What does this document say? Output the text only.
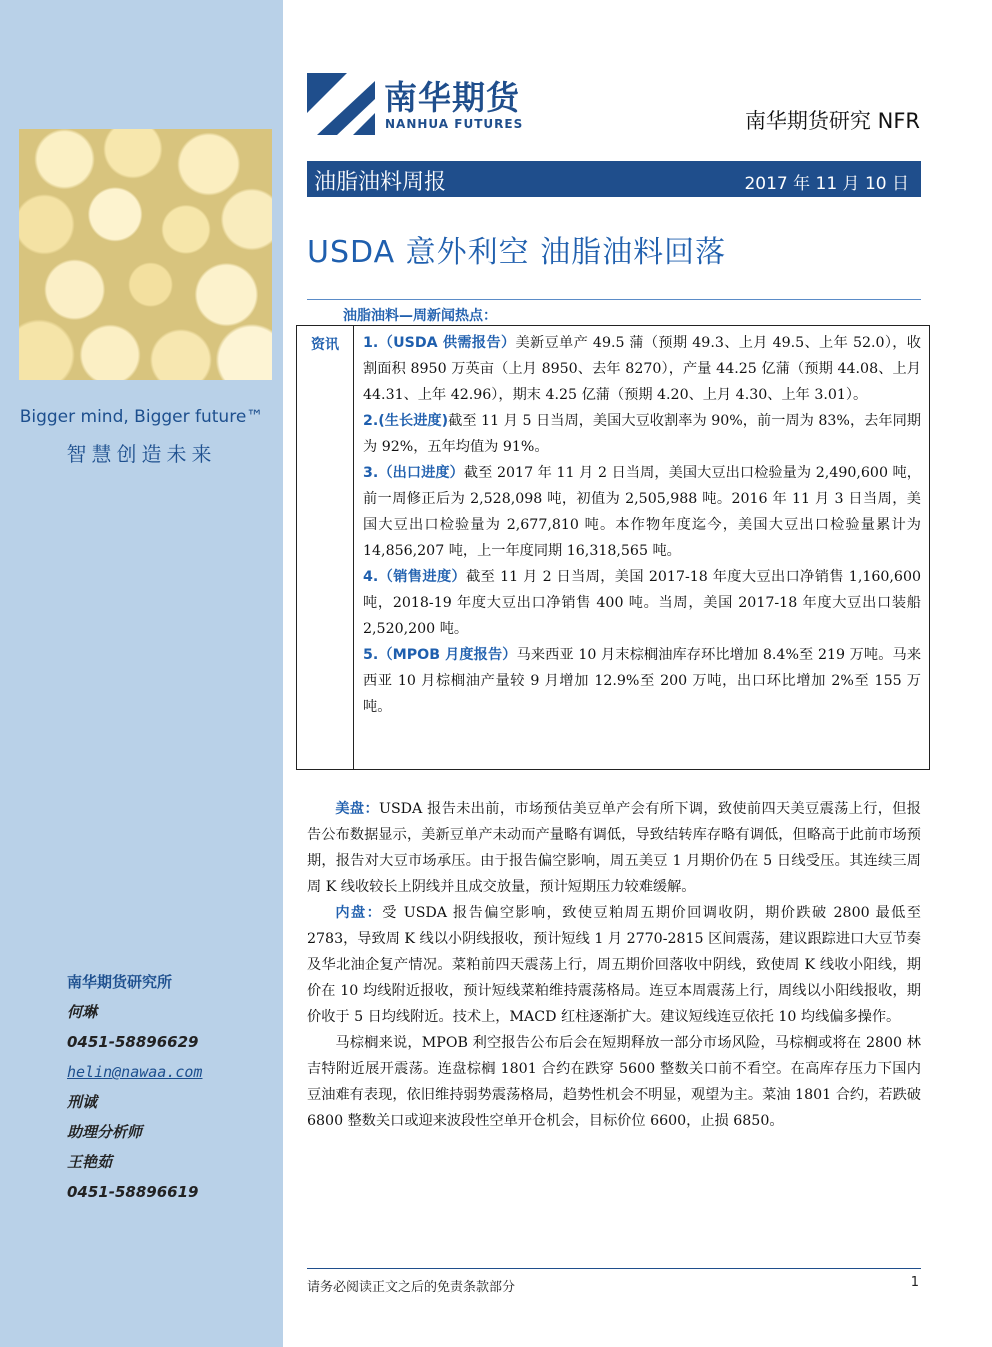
Bigger mind, Bigger future™
智慧创造未来
南华期货研究所
何琳
0451-58896629
helin@nawaa.com
刑诚
助理分析师
王艳茹
0451-58896619
南华期货
NANHUA FUTURES	南华期货研究 NFR
油脂油料周报	2017 年 11 月 10 日
USDA 意外利空 油脂油料回落
油脂油料—周新闻热点：
资讯	1.（USDA 供需报告）美新豆单产 49.5 蒲（预期 49.3、上月 49.5、上年 52.0），收割面积 8950 万英亩（上月 8950、去年 8270），产量 44.25 亿蒲（预期 44.08、上月 44.31、上年 42.96），期末 4.25 亿蒲（预期 4.20、上月 4.30、上年 3.01）。
2.(生长进度)截至 11 月 5 日当周，美国大豆收割率为 90%，前一周为 83%，去年同期为 92%，五年均值为 91%。
3.（出口进度）截至 2017 年 11 月 2 日当周，美国大豆出口检验量为 2,490,600 吨，前一周修正后为 2,528,098 吨，初值为 2,505,988 吨。2016 年 11 月 3 日当周，美国大豆出口检验量为 2,677,810 吨。本作物年度迄今，美国大豆出口检验量累计为 14,856,207 吨，上一年度同期 16,318,565 吨。
4.（销售进度）截至 11 月 2 日当周，美国 2017-18 年度大豆出口净销售 1,160,600 吨，2018-19 年度大豆出口净销售 400 吨。当周，美国 2017-18 年度大豆出口装船 2,520,200 吨。
5.（MPOB 月度报告）马来西亚 10 月末棕榈油库存环比增加 8.4%至 219 万吨。马来西亚 10 月棕榈油产量较 9 月增加 12.9%至 200 万吨，出口环比增加 2%至 155 万吨。

美盘：USDA 报告未出前，市场预估美豆单产会有所下调，致使前四天美豆震荡上行，但报告公布数据显示，美新豆单产未动而产量略有调低，导致结转库存略有调低，但略高于此前市场预期，报告对大豆市场承压。由于报告偏空影响，周五美豆 1 月期价仍在 5 日线受压。其连续三周周 K 线收较长上阴线并且成交放量，预计短期压力较难缓解。

内盘：受 USDA 报告偏空影响，致使豆粕周五期价回调收阴，期价跌破 2800 最低至 2783，导致周 K 线以小阴线报收，预计短线 1 月 2770-2815 区间震荡，建议跟踪进口大豆节奏及华北油企复产情况。菜粕前四天震荡上行，周五期价回落收中阴线，致使周 K 线收小阳线，期价在 10 均线附近报收，预计短线菜粕维持震荡格局。连豆本周震荡上行，周线以小阳线报收，期价收于 5 日均线附近。技术上，MACD 红柱逐渐扩大。建议短线连豆依托 10 均线偏多操作。

马棕榈来说，MPOB 利空报告公布后会在短期释放一部分市场风险，马棕榈或将在 2800 林吉特附近展开震荡。连盘棕榈 1801 合约在跌穿 5600 整数关口前不看空。在高库存压力下国内豆油难有表现，依旧维持弱势震荡格局，趋势性机会不明显，观望为主。菜油 1801 合约，若跌破 6800 整数关口或迎来波段性空单开仓机会，目标价位 6600，止损 6850。

请务必阅读正文之后的免责条款部分	1
